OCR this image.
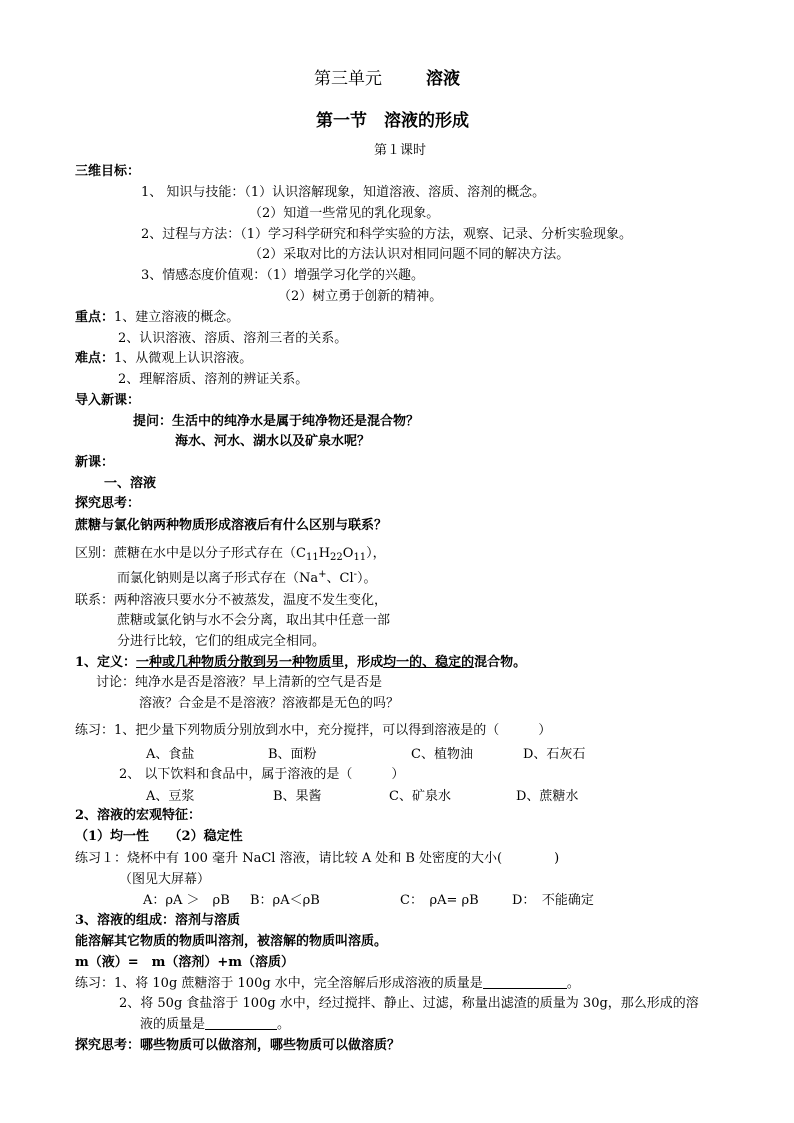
第三单元	溶液
第一节　溶液的形成
第１课时
三维目标：
1、 知识与技能：（1）认识溶解现象，知道溶液、溶质、溶剂的概念。
（2）知道一些常见的乳化现象。
2、过程与方法：（1）学习科学研究和科学实验的方法，观察、记录、分析实验现象。
（2）采取对比的方法认识对相同问题不同的解决方法。
3、情感态度价值观：（1）增强学习化学的兴趣。
（2）树立勇于创新的精神。
重点：1、建立溶液的概念。
2、认识溶液、溶质、溶剂三者的关系。
难点：1、从微观上认识溶液。
2、理解溶质、溶剂的辨证关系。
导入新课：
提问：生活中的纯净水是属于纯净物还是混合物？
海水、河水、湖水以及矿泉水呢？
新课：
一、溶液
探究思考：
蔗糖与氯化钠两种物质形成溶液后有什么区别与联系？
区别：蔗糖在水中是以分子形式存在$(C_{11}H_{22}O_{11})$，
而氯化钠则是以离子形式存在（Na+、Cl-）。
联系：两种溶液只要水分不被蒸发，温度不发生变化，
蔗糖或氯化钠与水不会分离，取出其中任意一部
分进行比较，它们的组成完全相同。
1、定义：一种或几种物质分散到另一种物质里，形成均一的、稳定的混合物。
讨论：纯净水是否是溶液？早上清新的空气是否是
溶液？合金是不是溶液？溶液都是无色的吗？
练习：1、把少量下列物质分别放到水中，充分搅拌，可以得到溶液是的（　　　）
A、食盐	B、面粉	C、植物油	D、石灰石
2、 以下饮料和食品中，属于溶液的是（　　　）
A、豆浆	B、果酱	C、矿泉水	D、蔗糖水
2、溶液的宏观特征：
（1）均一性　　（2）稳定性
练习１：烧杯中有 100 毫升 NaCl 溶液，请比较 A 处和 B 处密度的大小(　　　　)
（图见大屏幕）
A：ρA ＞　ρB B：ρA＜ρB	C：　ρA= ρB	D：　不能确定
3、溶液的组成：溶剂与溶质
能溶解其它物质的物质叫溶剂，被溶解的物质叫溶质。
m（液）=　m（溶剂）+m（溶质）
练习：1、将 10g 蔗糖溶于 100g 水中，完全溶解后形成溶液的质量是	。
2、将 50g 食盐溶于 100g 水中，经过搅拌、静止、过滤，称量出滤渣的质量为 30g，那么形成的溶
液的质量是	。
探究思考：哪些物质可以做溶剂，哪些物质可以做溶质？
